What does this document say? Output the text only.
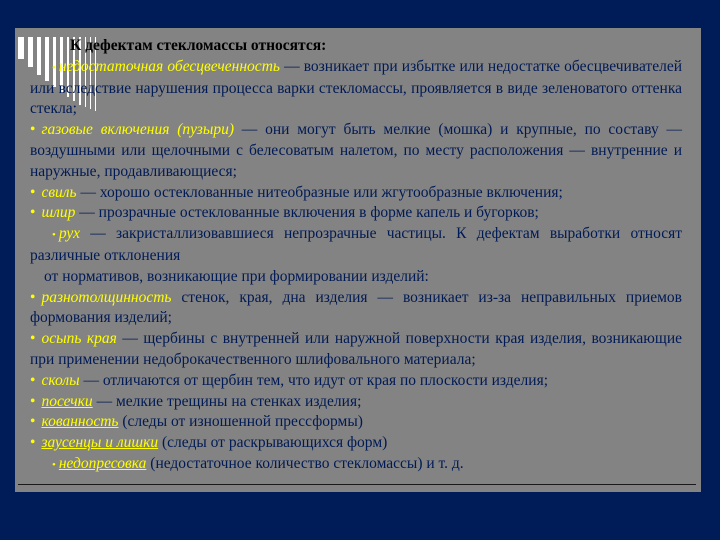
К дефектам стекломассы относятся:

• недостаточная обесцвеченность — возникает при избытке или недостатке обесцвечивателей или вследствие нарушения процесса варки стекломассы, проявляется в виде зеленоватого оттенка стекла;

• газовые включения (пузыри) — они могут быть мелкие (мошка) и крупные, по составу — воздушными или щелочными с белесоватым налетом, по месту расположения — внутренние и наружные, продавливающиеся;

• свиль — хорошо остеклованные нитеобразные или жгутообразные включения;

• шлир — прозрачные остеклованные включения в форме капель и бугорков;

• рух — закристаллизовавшиеся непрозрачные частицы. К дефектам выработки относят различные отклонения

от нормативов, возникающие при формировании изделий:

• разнотолщинность стенок, края, дна изделия — возникает из-за неправильных приемов формования изделий;

• осыпь края — щербины с внутренней или наружной поверхности края изделия, возникающие при применении недоброкачественного шлифовального материала;

• сколы — отличаются от щербин тем, что идут от края по плоскости изделия;

• посечки — мелкие трещины на стенках изделия;

• кованность (следы от изношенной прессформы)

• заусенцы и лишки (следы от раскрывающихся форм)

• недопресовка (недостаточное количество стекломассы) и т. д.
